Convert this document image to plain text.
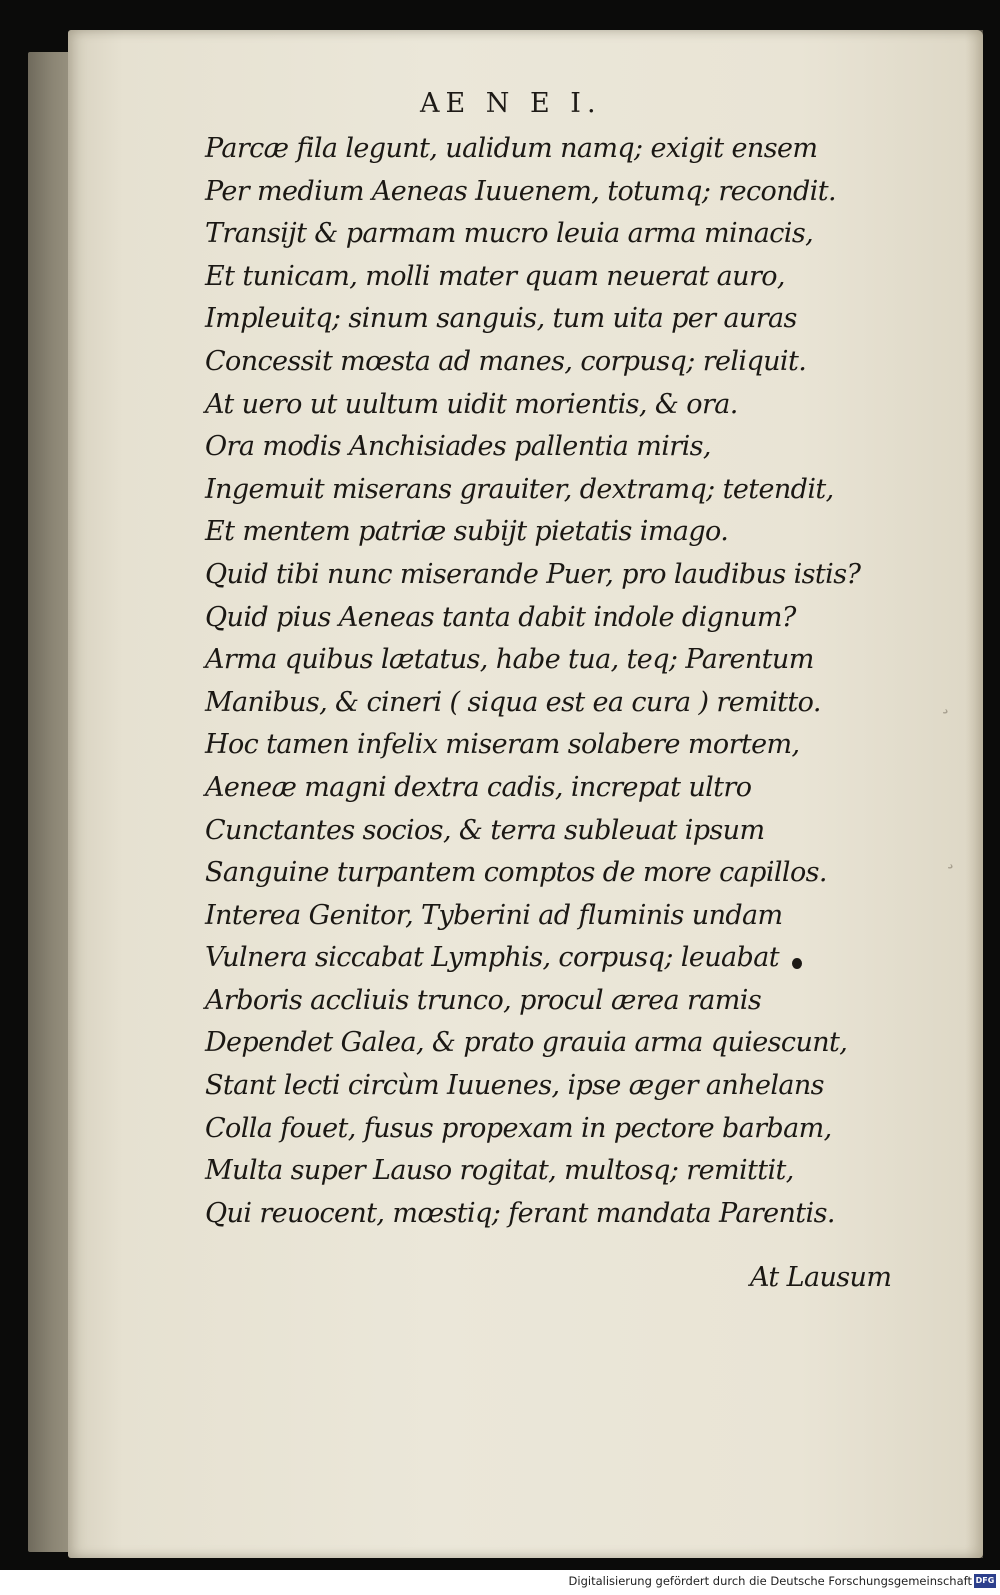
AE N E I.
Parcæ fila legunt, ualidum namq; exigit ensem
Per medium Aeneas Iuuenem, totumq; recondit.
Transijt & parmam mucro leuia arma minacis,
Et tunicam, molli mater quam neuerat auro,
Impleuitq; sinum sanguis, tum uita per auras
Concessit mœsta ad manes, corpusq; reliquit.
At uero ut uultum uidit morientis, & ora.
Ora modis Anchisiades pallentia miris,
Ingemuit miserans grauiter, dextramq; tetendit,
Et mentem patriæ subijt pietatis imago.
Quid tibi nunc miserande Puer, pro laudibus istis?
Quid pius Aeneas tanta dabit indole dignum?
Arma quibus lætatus, habe tua, teq; Parentum
Manibus, & cineri ( siqua est ea cura ) remitto.
Hoc tamen infelix miseram solabere mortem,
Aeneæ magni dextra cadis, increpat ultro
Cunctantes socios, & terra subleuat ipsum
Sanguine turpantem comptos de more capillos.
Interea Genitor, Tyberini ad fluminis undam
Vulnera siccabat Lymphis, corpusq; leuabat
Arboris accliuis trunco, procul ærea ramis
Dependet Galea, & prato grauia arma quiescunt,
Stant lecti circùm Iuuenes, ipse æger anhelans
Colla fouet, fusus propexam in pectore barbam,
Multa super Lauso rogitat, multosq; remittit,
Qui reuocent, mœstiq; ferant mandata Parentis.
At Lausum
¸
¸
Digitalisierung gefördert durch die Deutsche Forschungsgemeinschaft DFG
